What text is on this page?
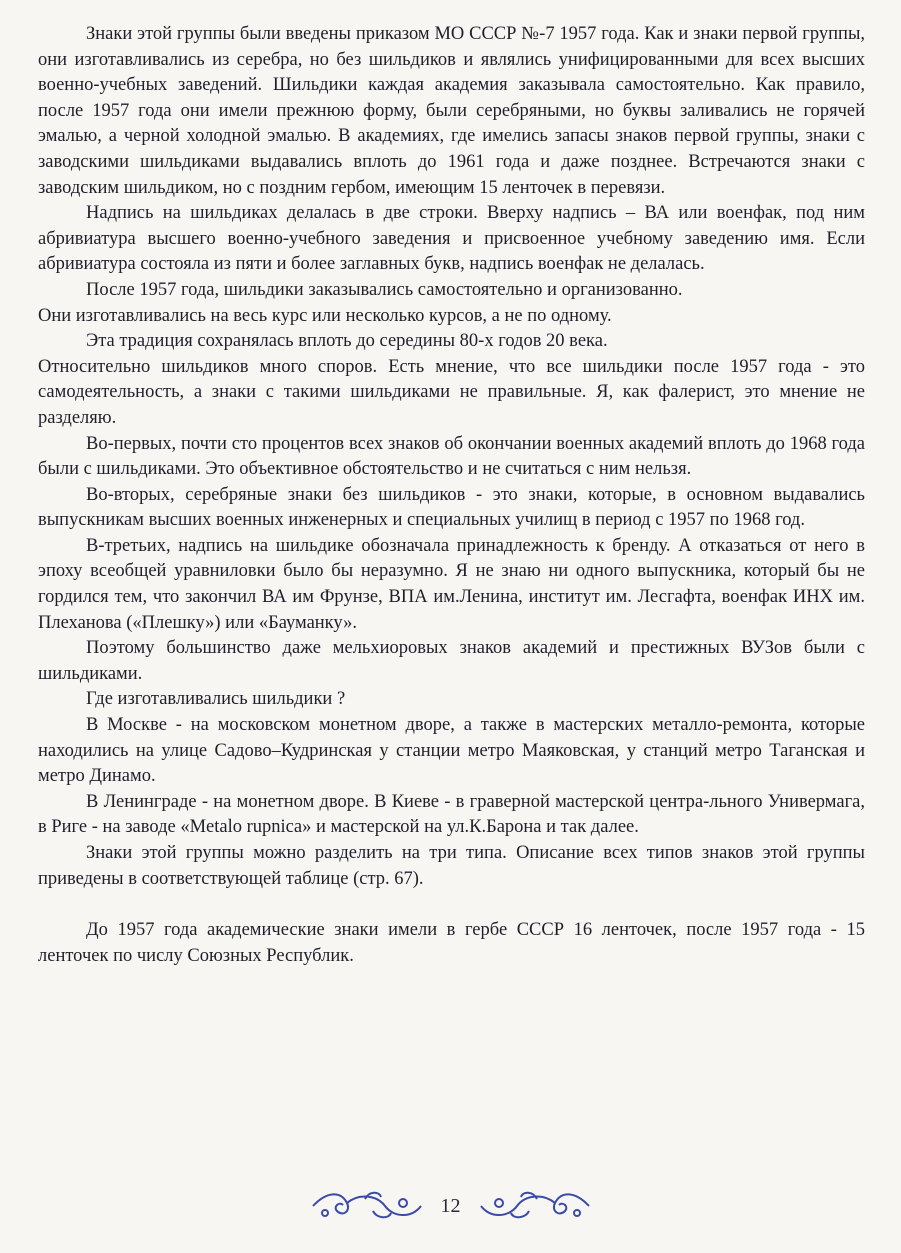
Знаки этой группы были введены приказом МО СССР №-7 1957 года. Как и знаки первой группы, они изготавливались из серебра, но без шильдиков и являлись унифицированными для всех высших военно-учебных заведений. Шильдики каждая академия заказывала самостоятельно. Как правило, после 1957 года они имели прежнюю форму, были серебряными, но буквы заливались не горячей эмалью, а черной холодной эмалью. В академиях, где имелись запасы знаков первой группы, знаки с заводскими шильдиками выдавались вплоть до 1961 года и даже позднее. Встречаются знаки с заводским шильдиком, но с поздним гербом, имеющим 15 ленточек в перевязи.

Надпись на шильдиках делалась в две строки. Вверху надпись – ВА или военфак, под ним абривиатура высшего военно-учебного заведения и присвоенное учебному заведению имя. Если абривиатура состояла из пяти и более заглавных букв, надпись военфак не делалась.

После 1957 года, шильдики заказывались самостоятельно и организованно.

Они изготавливались на весь курс или несколько курсов, а не по одному.

Эта традиция сохранялась вплоть до середины 80-х годов 20 века.

Относительно шильдиков много споров. Есть мнение, что все шильдики после 1957 года - это самодеятельность, а знаки с такими шильдиками не правильные. Я, как фалерист, это мнение не разделяю.

Во-первых, почти сто процентов всех знаков об окончании военных академий вплоть до 1968 года были с шильдиками. Это объективное обстоятельство и не считаться с ним нельзя.

Во-вторых, серебряные знаки без шильдиков - это знаки, которые, в основном выдавались выпускникам высших военных инженерных и специальных училищ в период с 1957 по 1968 год.

В-третьих, надпись на шильдике обозначала принадлежность к бренду. А отказаться от него в эпоху всеобщей уравниловки было бы неразумно. Я не знаю ни одного выпускника, который бы не гордился тем, что закончил ВА им Фрунзе, ВПА им.Ленина, институт им. Лесгафта, военфак ИНХ им. Плеханова («Плешку») или «Бауманку».

Поэтому большинство даже мельхиоровых знаков академий и престижных ВУЗов были с шильдиками.

Где изготавливались шильдики ?

В Москве - на московском монетном дворе, а также в мастерских металло-ремонта, которые находились на улице Садово–Кудринская у станции метро Маяковская, у станций метро Таганская и метро Динамо.

В Ленинграде - на монетном дворе. В Киеве - в граверной мастерской центра-льного Универмага, в Риге - на заводе «Metalo rupnica» и мастерской на ул.К.Барона и так далее.

Знаки этой группы можно разделить на три типа. Описание всех типов знаков этой группы приведены в соответствующей таблице (стр. 67).

До 1957 года академические знаки имели в гербе СССР 16 ленточек, после 1957 года - 15 ленточек по числу Союзных Республик.

12
